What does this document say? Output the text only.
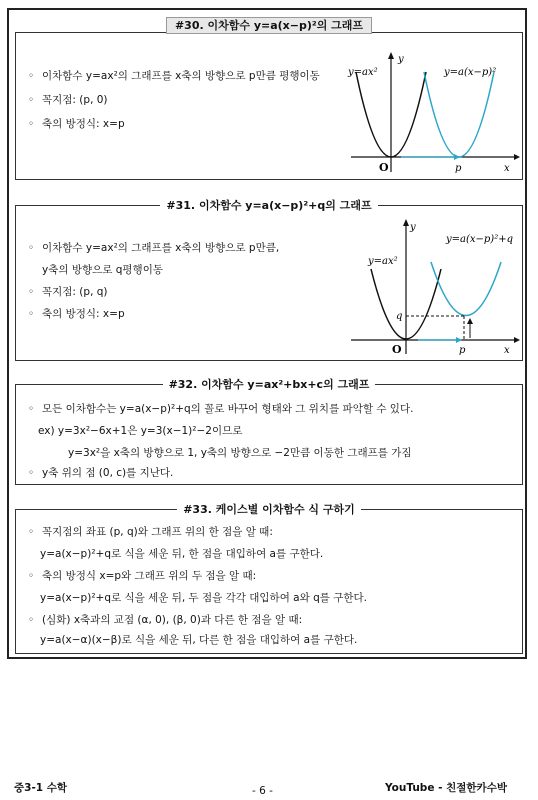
#30. 이차함수 y=a(x−p)²의 그래프
◦ 이차함수 y=ax²의 그래프를 x축의 방향으로 p만큼 평행이동
◦ 꼭지점: (p, 0)
◦ 축의 방정식: x=p
y=ax²	y=a(x−p)²
y
x
O	p
#31. 이차함수 y=a(x−p)²+q의 그래프
◦ 이차함수 y=ax²의 그래프를 x축의 방향으로 p만큼,
y축의 방향으로 q평행이동
◦ 꼭지점: (p, q)
◦ 축의 방정식: x=p
y=ax²
y=a(x−p)²+q
y
x
O	p
q
#32. 이차함수 y=ax²+bx+c의 그래프
◦ 모든 이차함수는 y=a(x−p)²+q의 꼴로 바꾸어 형태와 그 위치를 파악할 수 있다.
ex) y=3x²−6x+1은 y=3(x−1)²−2이므로
y=3x²을 x축의 방향으로 1, y축의 방향으로 −2만큼 이동한 그래프를 가짐
◦ y축 위의 점 (0, c)를 지난다.
#33. 케이스별 이차함수 식 구하기
◦ 꼭지점의 좌표 (p, q)와 그래프 위의 한 점을 알 때:
y=a(x−p)²+q로 식을 세운 뒤, 한 점을 대입하여 a를 구한다.
◦ 축의 방정식 x=p와 그래프 위의 두 점을 알 때:
y=a(x−p)²+q로 식을 세운 뒤, 두 점을 각각 대입하여 a와 q를 구한다.
◦ (심화) x축과의 교점 (α, 0), (β, 0)과 다른 한 점을 알 때:
y=a(x−α)(x−β)로 식을 세운 뒤, 다른 한 점을 대입하여 a를 구한다.
중3-1 수학	- 6 -	YouTube - 친절한카수박
